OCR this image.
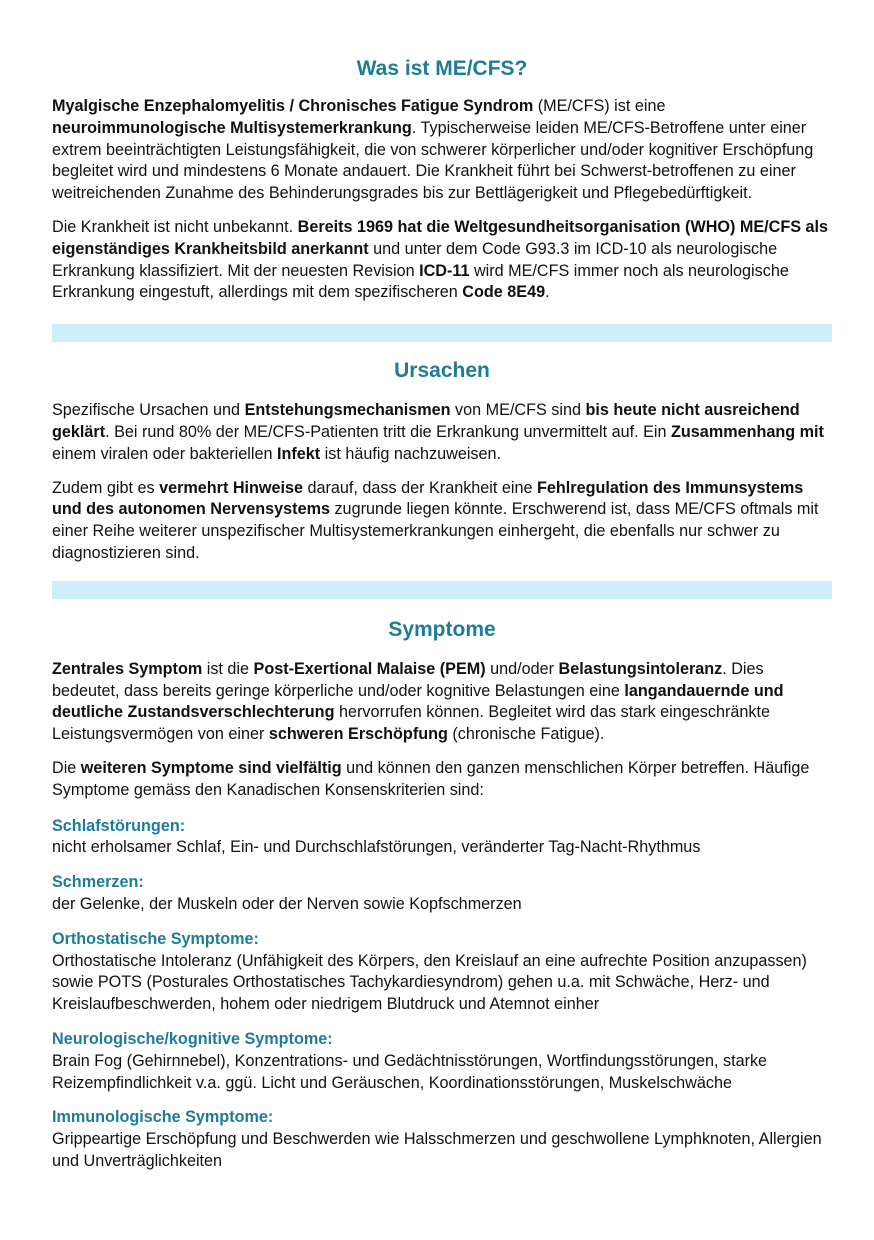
Was ist ME/CFS?

Myalgische Enzephalomyelitis / Chronisches Fatigue Syndrom (ME/CFS) ist eine neuroimmunologische Multisystemerkrankung. Typischerweise leiden ME/CFS-Betroffene unter einer extrem beeinträchtigten Leistungsfähigkeit, die von schwerer körperlicher und/oder kognitiver Erschöpfung begleitet wird und mindestens 6 Monate andauert. Die Krankheit führt bei Schwerst-betroffenen zu einer weitreichenden Zunahme des Behinderungsgrades bis zur Bettlägerigkeit und Pflegebedürftigkeit.

Die Krankheit ist nicht unbekannt. Bereits 1969 hat die Weltgesundheitsorganisation (WHO) ME/CFS als eigenständiges Krankheitsbild anerkannt und unter dem Code G93.3 im ICD-10 als neurologische Erkrankung klassifiziert. Mit der neuesten Revision ICD-11 wird ME/CFS immer noch als neurologische Erkrankung eingestuft, allerdings mit dem spezifischeren Code 8E49.

Ursachen

Spezifische Ursachen und Entstehungsmechanismen von ME/CFS sind bis heute nicht ausreichend geklärt. Bei rund 80% der ME/CFS-Patienten tritt die Erkrankung unvermittelt auf. Ein Zusammenhang mit einem viralen oder bakteriellen Infekt ist häufig nachzuweisen.

Zudem gibt es vermehrt Hinweise darauf, dass der Krankheit eine Fehlregulation des Immunsystems und des autonomen Nervensystems zugrunde liegen könnte. Erschwerend ist, dass ME/CFS oftmals mit einer Reihe weiterer unspezifischer Multisystemerkrankungen einhergeht, die ebenfalls nur schwer zu diagnostizieren sind.

Symptome

Zentrales Symptom ist die Post-Exertional Malaise (PEM) und/oder Belastungsintoleranz. Dies bedeutet, dass bereits geringe körperliche und/oder kognitive Belastungen eine langandauernde und deutliche Zustandsverschlechterung hervorrufen können. Begleitet wird das stark eingeschränkte Leistungsvermögen von einer schweren Erschöpfung (chronische Fatigue).

Die weiteren Symptome sind vielfältig und können den ganzen menschlichen Körper betreffen. Häufige Symptome gemäss den Kanadischen Konsenskriterien sind:

Schlafstörungen:

nicht erholsamer Schlaf, Ein- und Durchschlafstörungen, veränderter Tag-Nacht-Rhythmus

Schmerzen:

der Gelenke, der Muskeln oder der Nerven sowie Kopfschmerzen

Orthostatische Symptome:

Orthostatische Intoleranz (Unfähigkeit des Körpers, den Kreislauf an eine aufrechte Position anzupassen) sowie POTS (Posturales Orthostatisches Tachykardiesyndrom) gehen u.a. mit Schwäche, Herz- und Kreislaufbeschwerden, hohem oder niedrigem Blutdruck und Atemnot einher

Neurologische/kognitive Symptome:

Brain Fog (Gehirnnebel), Konzentrations- und Gedächtnisstörungen, Wortfindungsstörungen, starke Reizempfindlichkeit v.a. ggü. Licht und Geräuschen, Koordinationsstörungen, Muskelschwäche

Immunologische Symptome:

Grippeartige Erschöpfung und Beschwerden wie Halsschmerzen und geschwollene Lymphknoten, Allergien und Unverträglichkeiten
